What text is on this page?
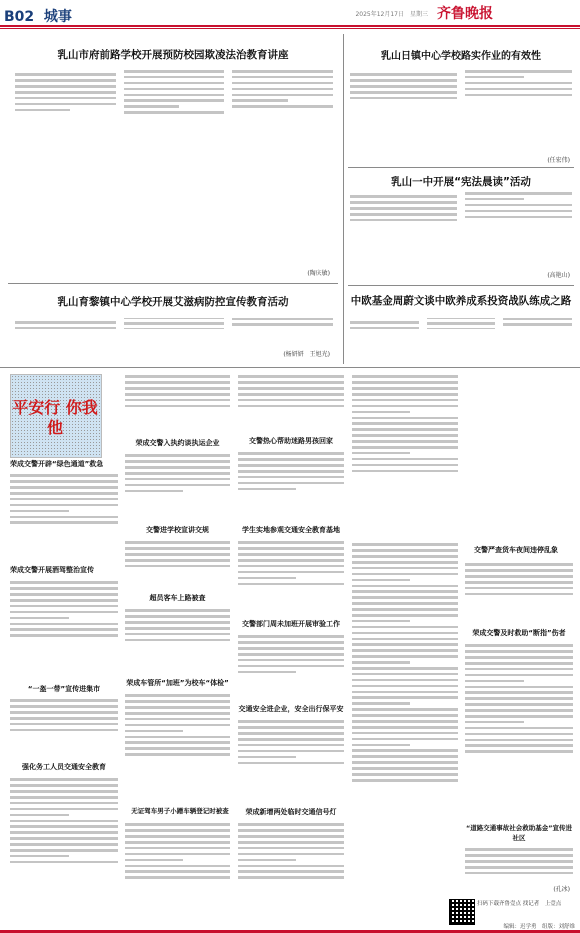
B02 城事	2025年12月17日　星期三 齐鲁晚报
乳山市府前路学校开展预防校园欺凌法治教育讲座
(陶庆敏)
乳山育黎镇中心学校开展艾滋病防控宣传教育活动
(杨妍妍　王旭光)
乳山日镇中心学校路实作业的有效性
(任宏伟)
乳山一中开展“宪法晨读”活动
(高艳山)
中欧基金周蔚文谈中欧养成系投资战队练成之路
平安行 你我他
荣成交警开辟“绿色通道”救急
荣成交警开展酒驾整治宣传
“一盔一带”宣传进集市
强化务工人员交通安全教育
荣成交警入执约谈执运企业
交警进学校宣讲交规
超员客车上路被查
荣成车管所“加班”为校车“体检”
无证驾车男子小蹭车辆登记时被查
交警热心帮助迷路男孩回家
学生实地参观交通安全教育基地
交警部门周未加班开展审验工作
交通安全进企业，安全出行保平安
荣成新增两处临时交通信号灯
交警严查货车夜间违停乱象
荣成交警及时救助“断指”伤者
“道路交通事故社会救助基金”宣传进社区
(孔冰)
扫码下载齐鲁壹点 找记者　上壹点
编辑：迟学勇　组版：刘舒维
